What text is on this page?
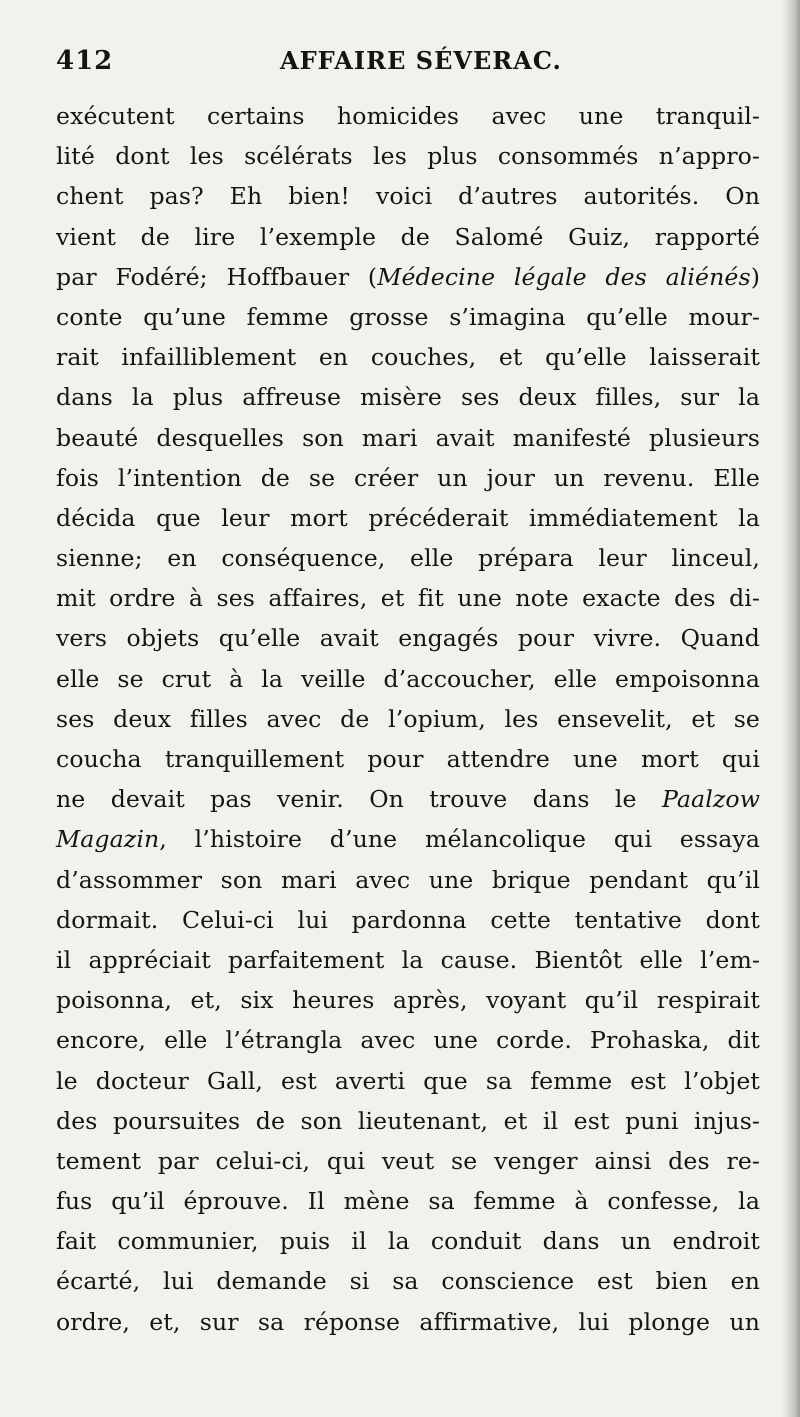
412	AFFAIRE SÉVERAC.
exécutent certains homicides avec une tranquil-
lité dont les scélérats les plus consommés n’appro-
chent pas? Eh bien! voici d’autres autorités. On
vient de lire l’exemple de Salomé Guiz, rapporté
par Fodéré; Hoffbauer (Médecine légale des aliénés)
conte qu’une femme grosse s’imagina qu’elle mour-
rait infailliblement en couches, et qu’elle laisserait
dans la plus affreuse misère ses deux filles, sur la
beauté desquelles son mari avait manifesté plusieurs
fois l’intention de se créer un jour un revenu. Elle
décida que leur mort précéderait immédiatement la
sienne; en conséquence, elle prépara leur linceul,
mit ordre à ses affaires, et fit une note exacte des di-
vers objets qu’elle avait engagés pour vivre. Quand
elle se crut à la veille d’accoucher, elle empoisonna
ses deux filles avec de l’opium, les ensevelit, et se
coucha tranquillement pour attendre une mort qui
ne devait pas venir. On trouve dans le Paalzow
Magazin, l’histoire d’une mélancolique qui essaya
d’assommer son mari avec une brique pendant qu’il
dormait. Celui-ci lui pardonna cette tentative dont
il appréciait parfaitement la cause. Bientôt elle l’em-
poisonna, et, six heures après, voyant qu’il respirait
encore, elle l’étrangla avec une corde. Prohaska, dit
le docteur Gall, est averti que sa femme est l’objet
des poursuites de son lieutenant, et il est puni injus-
tement par celui-ci, qui veut se venger ainsi des re-
fus qu’il éprouve. Il mène sa femme à confesse, la
fait communier, puis il la conduit dans un endroit
écarté, lui demande si sa conscience est bien en
ordre, et, sur sa réponse affirmative, lui plonge un
